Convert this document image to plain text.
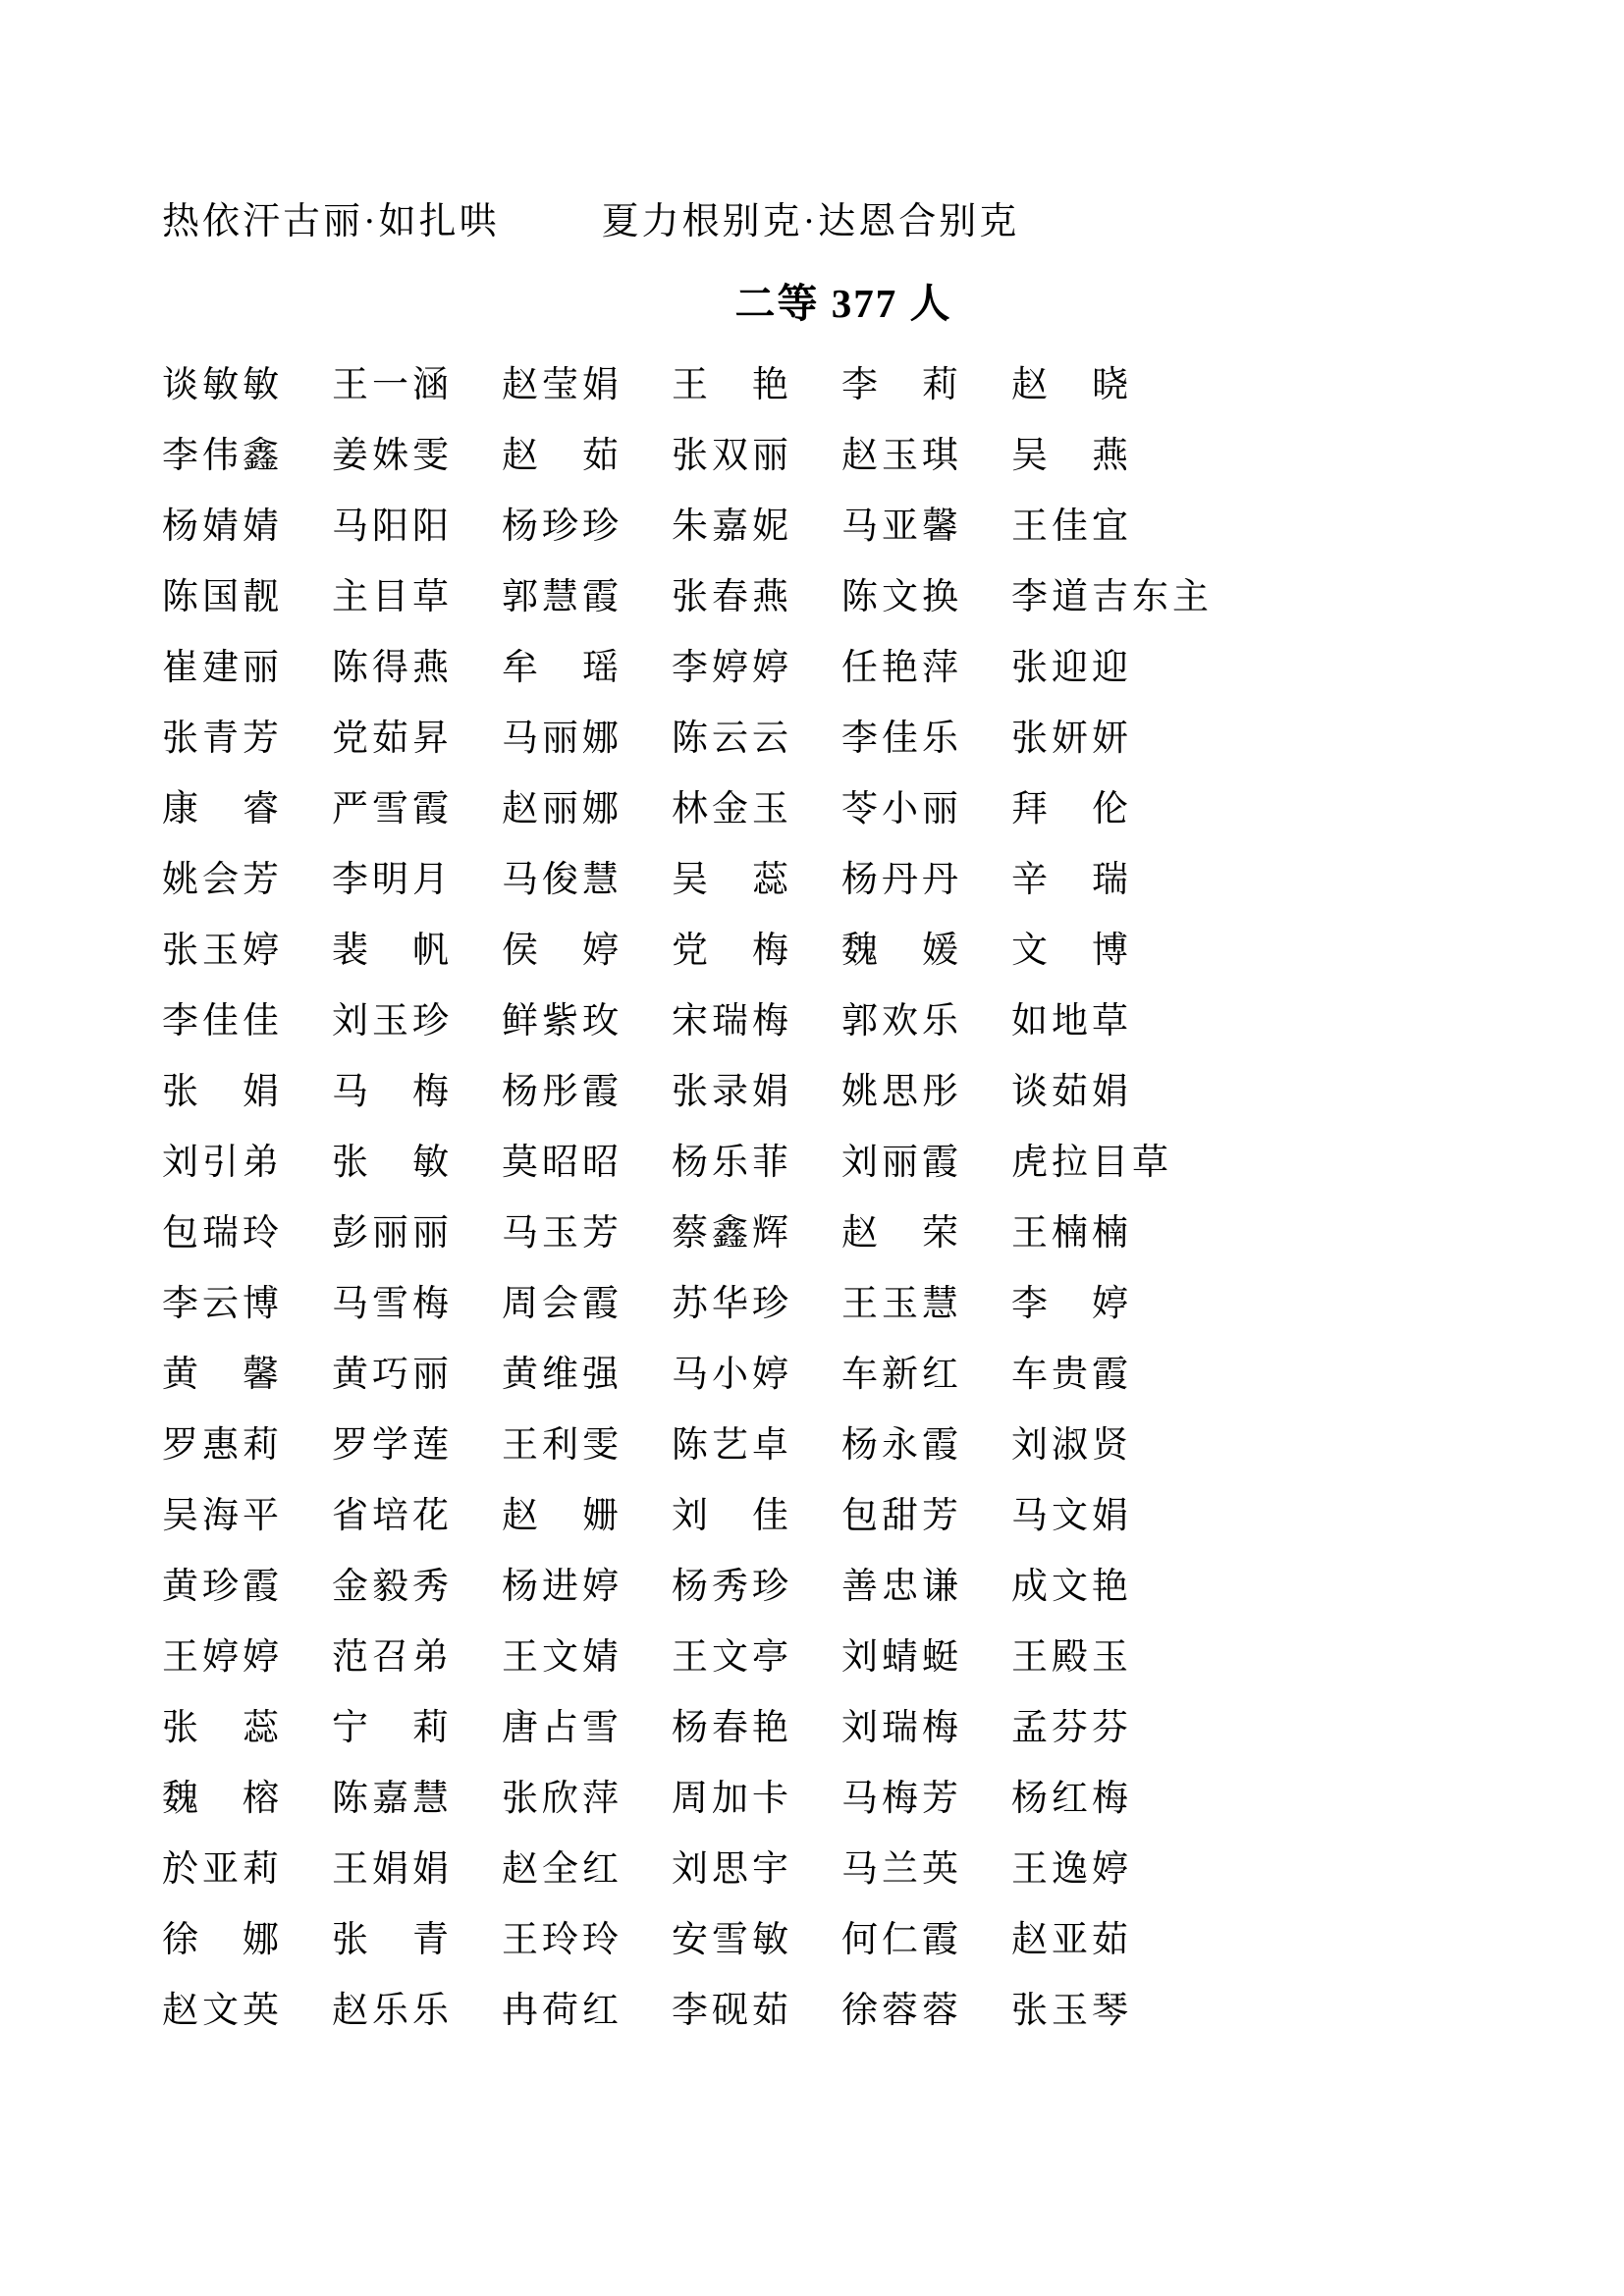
热依汗古丽·如扎哄	夏力根别克·达恩合别克
二等 377 人
谈敏敏	王一涵	赵莹娟	王　艳	李　莉	赵　晓
李伟鑫	姜姝雯	赵　茹	张双丽	赵玉琪	吴　燕
杨婧婧	马阳阳	杨珍珍	朱嘉妮	马亚馨	王佳宜
陈国靓	主目草	郭慧霞	张春燕	陈文换	李道吉东主
崔建丽	陈得燕	牟　瑶	李婷婷	任艳萍	张迎迎
张青芳	党茹昇	马丽娜	陈云云	李佳乐	张妍妍
康　睿	严雪霞	赵丽娜	林金玉	苓小丽	拜　伦
姚会芳	李明月	马俊慧	吴　蕊	杨丹丹	辛　瑞
张玉婷	裴　帆	侯　婷	党　梅	魏　媛	文　博
李佳佳	刘玉珍	鲜紫玫	宋瑞梅	郭欢乐	如地草
张　娟	马　梅	杨彤霞	张录娟	姚思彤	谈茹娟
刘引弟	张　敏	莫昭昭	杨乐菲	刘丽霞	虎拉目草
包瑞玲	彭丽丽	马玉芳	蔡鑫辉	赵　荣	王楠楠
李云博	马雪梅	周会霞	苏华珍	王玉慧	李　婷
黄　馨	黄巧丽	黄维强	马小婷	车新红	车贵霞
罗惠莉	罗学莲	王利雯	陈艺卓	杨永霞	刘淑贤
吴海平	省培花	赵　姗	刘　佳	包甜芳	马文娟
黄珍霞	金毅秀	杨进婷	杨秀珍	善忠谦	成文艳
王婷婷	范召弟	王文婧	王文亭	刘蜻蜓	王殿玉
张　蕊	宁　莉	唐占雪	杨春艳	刘瑞梅	孟芬芬
魏　榕	陈嘉慧	张欣萍	周加卡	马梅芳	杨红梅
於亚莉	王娟娟	赵全红	刘思宇	马兰英	王逸婷
徐　娜	张　青	王玲玲	安雪敏	何仁霞	赵亚茹
赵文英	赵乐乐	冉荷红	李砚茹	徐蓉蓉	张玉琴
